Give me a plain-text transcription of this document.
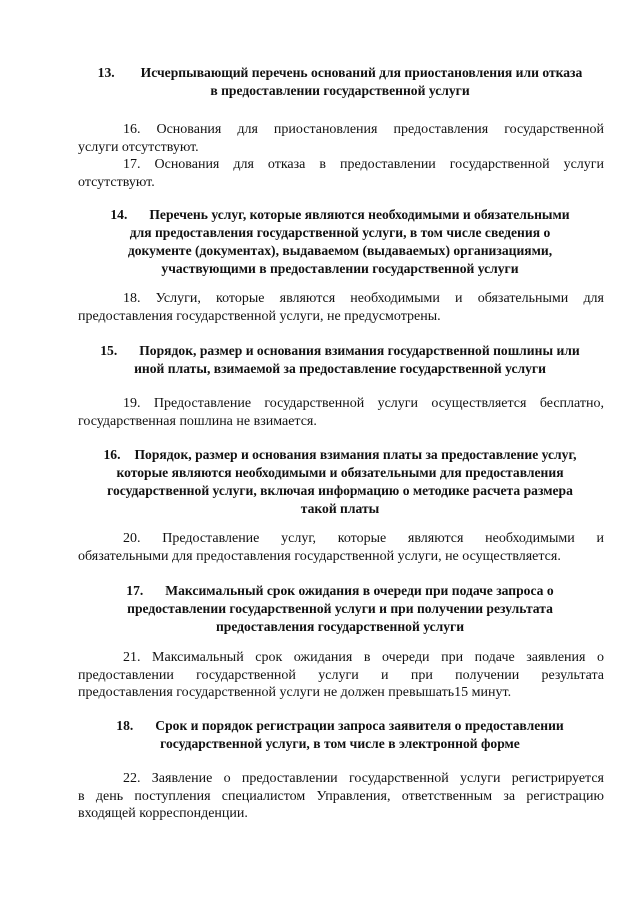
13. Исчерпывающий перечень оснований для приостановления или отказа
в предоставлении государственной услуги
16. Основания для приостановления предоставления государственной
услуги отсутствуют.
17. Основания для отказа в предоставлении государственной услуги
отсутствуют.
14. Перечень услуг, которые являются необходимыми и обязательными
для предоставления государственной услуги, в том числе сведения о
документе (документах), выдаваемом (выдаваемых) организациями,
участвующими в предоставлении государственной услуги
18. Услуги, которые являются необходимыми и обязательными для
предоставления государственной услуги, не предусмотрены.
15. Порядок, размер и основания взимания государственной пошлины или
иной платы, взимаемой за предоставление государственной услуги
19. Предоставление государственной услуги осуществляется бесплатно,
государственная пошлина не взимается.
16. Порядок, размер и основания взимания платы за предоставление услуг,
которые являются необходимыми и обязательными для предоставления
государственной услуги, включая информацию о методике расчета размера
такой платы
20. Предоставление услуг, которые являются необходимыми и
обязательными для предоставления государственной услуги, не осуществляется.
17. Максимальный срок ожидания в очереди при подаче запроса о
предоставлении государственной услуги и при получении результата
предоставления государственной услуги
21. Максимальный срок ожидания в очереди при подаче заявления о
предоставлении государственной услуги и при получении результата
предоставления государственной услуги не должен превышать15 минут.
18. Срок и порядок регистрации запроса заявителя о предоставлении
государственной услуги, в том числе в электронной форме
22. Заявление о предоставлении государственной услуги регистрируется
в день поступления специалистом Управления, ответственным за регистрацию
входящей корреспонденции.
